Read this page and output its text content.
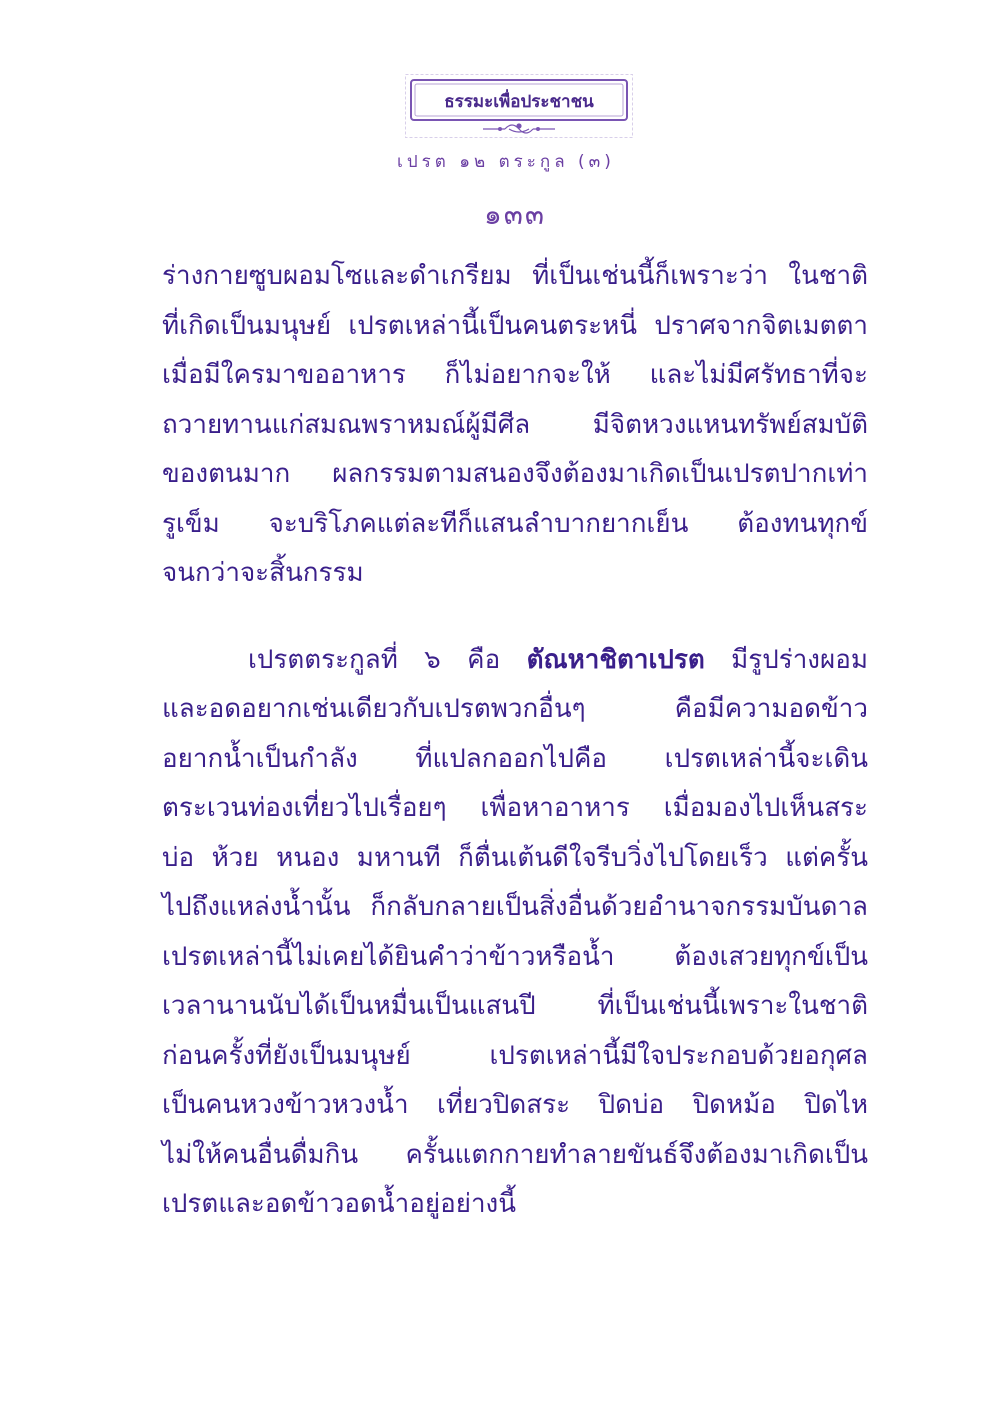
ธรรมะเพื่อประชาชน
เปรต ๑๒ ตระกูล (๓)
๑๓๓
ร่างกายซูบผอมโซและดำเกรียม ที่เป็นเช่นนี้ก็เพราะว่า ในชาติ
ที่เกิดเป็นมนุษย์ เปรตเหล่านี้เป็นคนตระหนี่ ปราศจากจิตเมตตา
เมื่อมีใครมาขออาหาร ก็ไม่อยากจะให้ และไม่มีศรัทธาที่จะ
ถวายทานแก่สมณพราหมณ์ผู้มีศีล มีจิตหวงแหนทรัพย์สมบัติ
ของตนมาก ผลกรรมตามสนองจึงต้องมาเกิดเป็นเปรตปากเท่า
รูเข็ม จะบริโภคแต่ละทีก็แสนลำบากยากเย็น ต้องทนทุกข์
จนกว่าจะสิ้นกรรม
เปรตตระกูลที่ ๖ คือ ตัณหาชิตาเปรต มีรูปร่างผอม
และอดอยากเช่นเดียวกับเปรตพวกอื่นๆ คือมีความอดข้าว
อยากน้ำเป็นกำลัง ที่แปลกออกไปคือ เปรตเหล่านี้จะเดิน
ตระเวนท่องเที่ยวไปเรื่อยๆ เพื่อหาอาหาร เมื่อมองไปเห็นสระ
บ่อ ห้วย หนอง มหานที ก็ตื่นเต้นดีใจรีบวิ่งไปโดยเร็ว แต่ครั้น
ไปถึงแหล่งน้ำนั้น ก็กลับกลายเป็นสิ่งอื่นด้วยอำนาจกรรมบันดาล
เปรตเหล่านี้ไม่เคยได้ยินคำว่าข้าวหรือน้ำ ต้องเสวยทุกข์เป็น
เวลานานนับได้เป็นหมื่นเป็นแสนปี ที่เป็นเช่นนี้เพราะในชาติ
ก่อนครั้งที่ยังเป็นมนุษย์ เปรตเหล่านี้มีใจประกอบด้วยอกุศล
เป็นคนหวงข้าวหวงน้ำ เที่ยวปิดสระ ปิดบ่อ ปิดหม้อ ปิดไห
ไม่ให้คนอื่นดื่มกิน ครั้นแตกกายทำลายขันธ์จึงต้องมาเกิดเป็น
เปรตและอดข้าวอดน้ำอยู่อย่างนี้
